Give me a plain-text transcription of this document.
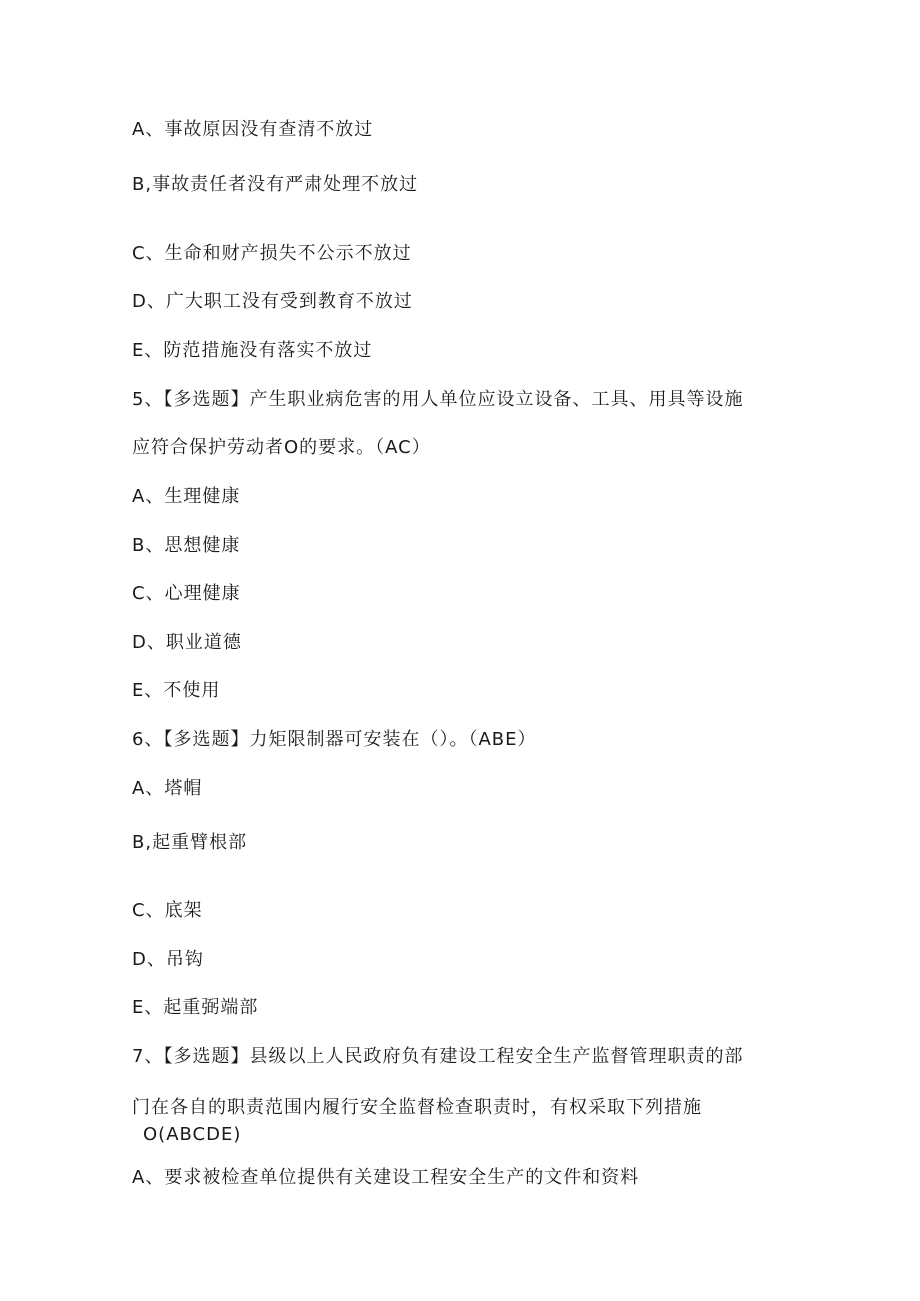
A、事故原因没有查清不放过
B,事故责任者没有严肃处理不放过
C、生命和财产损失不公示不放过
D、广大职工没有受到教育不放过
E、防范措施没有落实不放过
5、【多选题】产生职业病危害的用人单位应设立设备、工具、用具等设施
应符合保护劳动者O的要求。（AC）
A、生理健康
B、思想健康
C、心理健康
D、职业道德
E、不使用
6、【多选题】力矩限制器可安装在（）。（ABE）
A、塔帽
B,起重臂根部
C、底架
D、吊钩
E、起重弼端部
7、【多选题】县级以上人民政府负有建设工程安全生产监督管理职责的部
门在各自的职责范围内履行安全监督检查职责时，有权采取下列措施
O(ABCDE)
A、要求被检查单位提供有关建设工程安全生产的文件和资料
